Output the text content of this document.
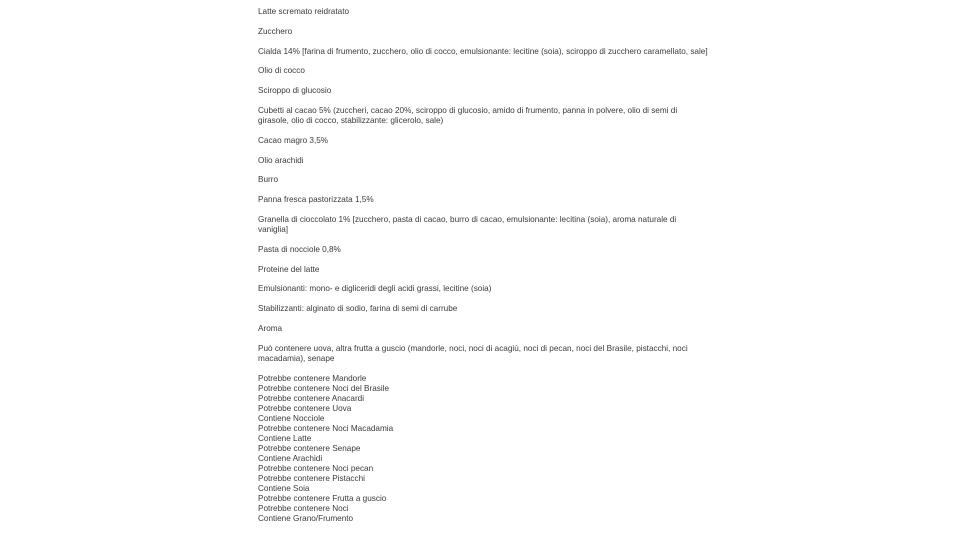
Latte scremato reidratato

Zucchero

Cialda 14% [farina di frumento, zucchero, olio di cocco, emulsionante: lecitine (soia), sciroppo di zucchero caramellato, sale]

Olio di cocco

Sciroppo di glucosio

Cubetti al cacao 5% (zuccheri, cacao 20%, sciroppo di glucosio, amido di frumento, panna in polvere, olio di semi di girasole, olio di cocco, stabilizzante: glicerolo, sale)

Cacao magro 3,5%

Olio arachidi

Burro

Panna fresca pastorizzata 1,5%

Granella di cioccolato 1% [zucchero, pasta di cacao, burro di cacao, emulsionante: lecitina (soia), aroma naturale di vaniglia]

Pasta di nocciole 0,8%

Proteine del latte

Emulsionanti: mono- e digliceridi degli acidi grassi, lecitine (soia)

Stabilizzanti: alginato di sodio, farina di semi di carrube

Aroma

Può contenere uova, altra frutta a guscio (mandorle, noci, noci di acagiù, noci di pecan, noci del Brasile, pistacchi, noci macadamia), senape

Potrebbe contenere Mandorle
Potrebbe contenere Noci del Brasile
Potrebbe contenere Anacardi
Potrebbe contenere Uova
Contiene Nocciole
Potrebbe contenere Noci Macadamia
Contiene Latte
Potrebbe contenere Senape
Contiene Arachidi
Potrebbe contenere Noci pecan
Potrebbe contenere Pistacchi
Contiene Soia
Potrebbe contenere Frutta a guscio
Potrebbe contenere Noci
Contiene Grano/Frumento
